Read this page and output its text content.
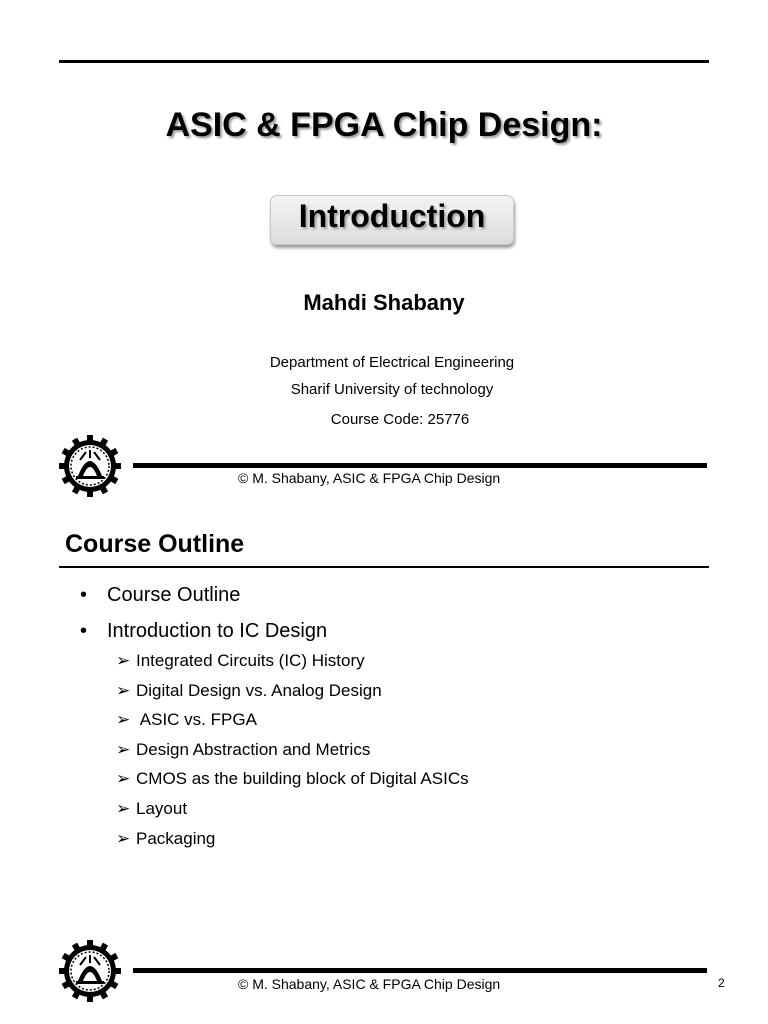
ASIC & FPGA Chip Design:
Introduction
Mahdi Shabany
Department of Electrical Engineering
Sharif University of technology
Course Code: 25776
© M. Shabany, ASIC & FPGA Chip Design
Course Outline
• Course Outline
• Introduction to IC Design
➢ Integrated Circuits (IC) History
➢ Digital Design vs. Analog Design
➢ ASIC vs. FPGA
➢ Design Abstraction and Metrics
➢ CMOS as the building block of Digital ASICs
➢ Layout
➢ Packaging
© M. Shabany, ASIC & FPGA Chip Design	2
